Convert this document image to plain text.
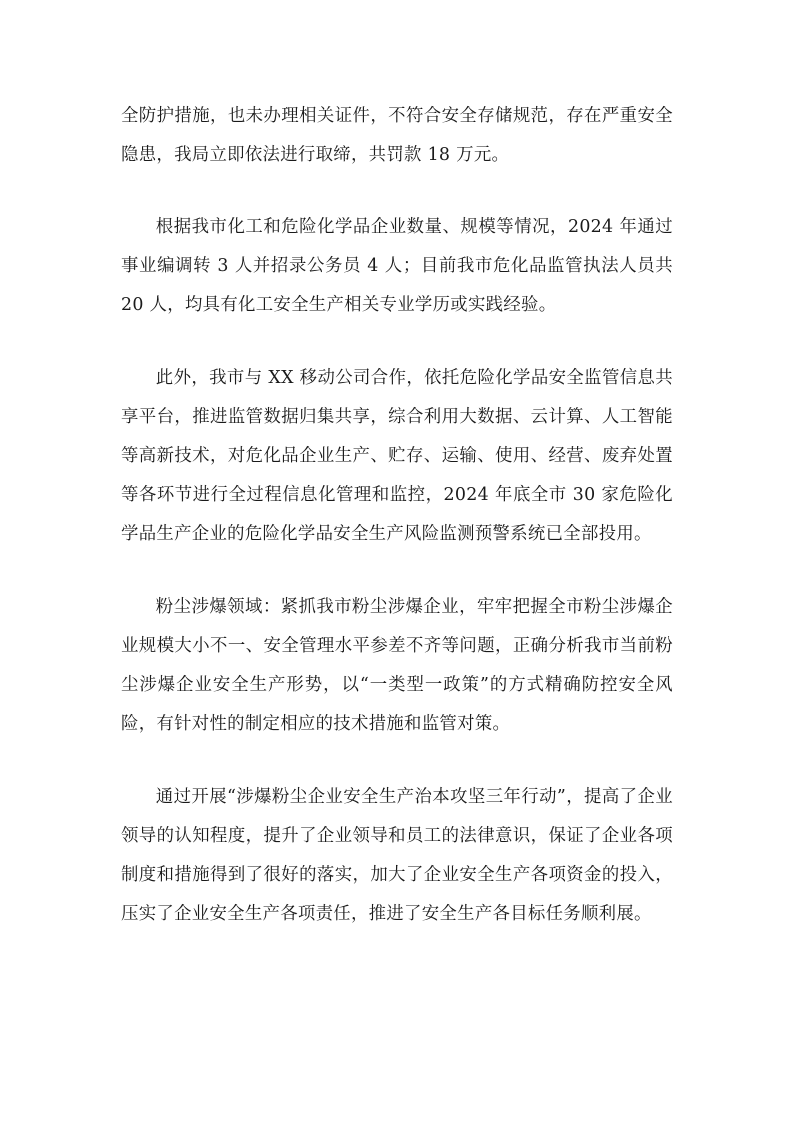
全防护措施，也未办理相关证件，不符合安全存储规范，存在严重安全隐患，我局立即依法进行取缔，共罚款 18 万元。

根据我市化工和危险化学品企业数量、规模等情况，2024 年通过事业编调转 3 人并招录公务员 4 人；目前我市危化品监管执法人员共 20 人，均具有化工安全生产相关专业学历或实践经验。

此外，我市与 XX 移动公司合作，依托危险化学品安全监管信息共享平台，推进监管数据归集共享，综合利用大数据、云计算、人工智能等高新技术，对危化品企业生产、贮存、运输、使用、经营、废弃处置等各环节进行全过程信息化管理和监控，2024 年底全市 30 家危险化学品生产企业的危险化学品安全生产风险监测预警系统已全部投用。

粉尘涉爆领域：紧抓我市粉尘涉爆企业，牢牢把握全市粉尘涉爆企业规模大小不一、安全管理水平参差不齐等问题，正确分析我市当前粉尘涉爆企业安全生产形势，以“一类型一政策”的方式精确防控安全风险，有针对性的制定相应的技术措施和监管对策。

通过开展“涉爆粉尘企业安全生产治本攻坚三年行动”，提高了企业领导的认知程度，提升了企业领导和员工的法律意识，保证了企业各项制度和措施得到了很好的落实，加大了企业安全生产各项资金的投入，压实了企业安全生产各项责任，推进了安全生产各目标任务顺利展。
